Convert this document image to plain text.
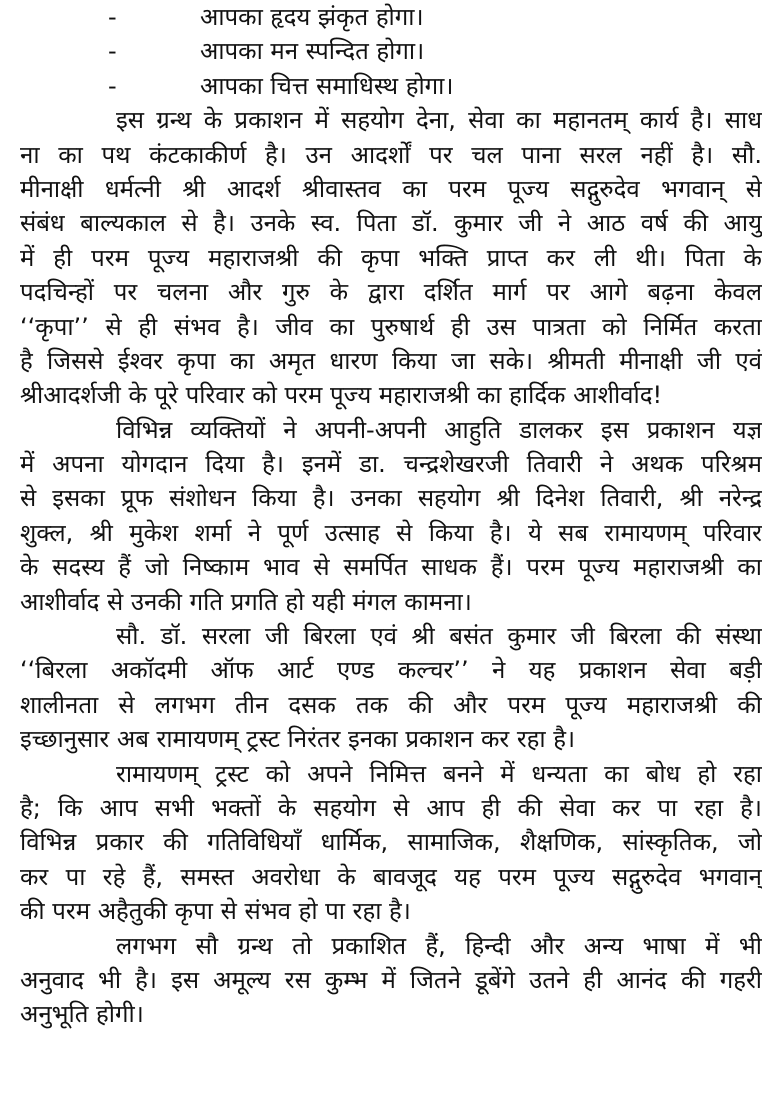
-	आपका हृदय झंकृत होगा।
-	आपका मन स्पन्दित होगा।
-	आपका चित्त समाधिस्थ होगा।
इस ग्रन्थ के प्रकाशन में सहयोग देना, सेवा का महानतम् कार्य है। साध
ना का पथ कंटकाकीर्ण है। उन आदर्शों पर चल पाना सरल नहीं है। सौ.
मीनाक्षी धर्मत्नी श्री आदर्श श्रीवास्तव का परम पूज्य सद्गुरुदेव भगवान् से
संबंध बाल्यकाल से है। उनके स्व. पिता डॉ. कुमार जी ने आठ वर्ष की आयु
में ही परम पूज्य महाराजश्री की कृपा भक्ति प्राप्त कर ली थी। पिता के
पदचिन्हों पर चलना और गुरु के द्वारा दर्शित मार्ग पर आगे बढ़ना केवल
‘‘कृपा’’ से ही संभव है। जीव का पुरुषार्थ ही उस पात्रता को निर्मित करता
है जिससे ईश्वर कृपा का अमृत धारण किया जा सके। श्रीमती मीनाक्षी जी एवं
श्रीआदर्शजी के पूरे परिवार को परम पूज्य महाराजश्री का हार्दिक आशीर्वाद!
विभिन्न व्यक्तियों ने अपनी-अपनी आहुति डालकर इस प्रकाशन यज्ञ
में अपना योगदान दिया है। इनमें डा. चन्द्रशेखरजी तिवारी ने अथक परिश्रम
से इसका प्रूफ संशोधन किया है। उनका सहयोग श्री दिनेश तिवारी, श्री नरेन्द्र
शुक्ल, श्री मुकेश शर्मा ने पूर्ण उत्साह से किया है। ये सब रामायणम् परिवार
के सदस्य हैं जो निष्काम भाव से समर्पित साधक हैं। परम पूज्य महाराजश्री का
आशीर्वाद से उनकी गति प्रगति हो यही मंगल कामना।
सौ. डॉ. सरला जी बिरला एवं श्री बसंत कुमार जी बिरला की संस्था
‘‘बिरला अकॉदमी ऑफ आर्ट एण्ड कल्चर’’ ने यह प्रकाशन सेवा बड़ी
शालीनता से लगभग तीन दसक तक की और परम पूज्य महाराजश्री की
इच्छानुसार अब रामायणम् ट्रस्ट निरंतर इनका प्रकाशन कर रहा है।
रामायणम् ट्रस्ट को अपने निमित्त बनने में धन्यता का बोध हो रहा
है; कि आप सभी भक्तों के सहयोग से आप ही की सेवा कर पा रहा है।
विभिन्न प्रकार की गतिविधियाँ धार्मिक, सामाजिक, शैक्षणिक, सांस्कृतिक, जो
कर पा रहे हैं, समस्त अवरोधा के बावजूद यह परम पूज्य सद्गुरुदेव भगवान्
की परम अहैतुकी कृपा से संभव हो पा रहा है।
लगभग सौ ग्रन्थ तो प्रकाशित हैं, हिन्दी और अन्य भाषा में भी
अनुवाद भी है। इस अमूल्य रस कुम्भ में जितने डूबेंगे उतने ही आनंद की गहरी
अनुभूति होगी।
